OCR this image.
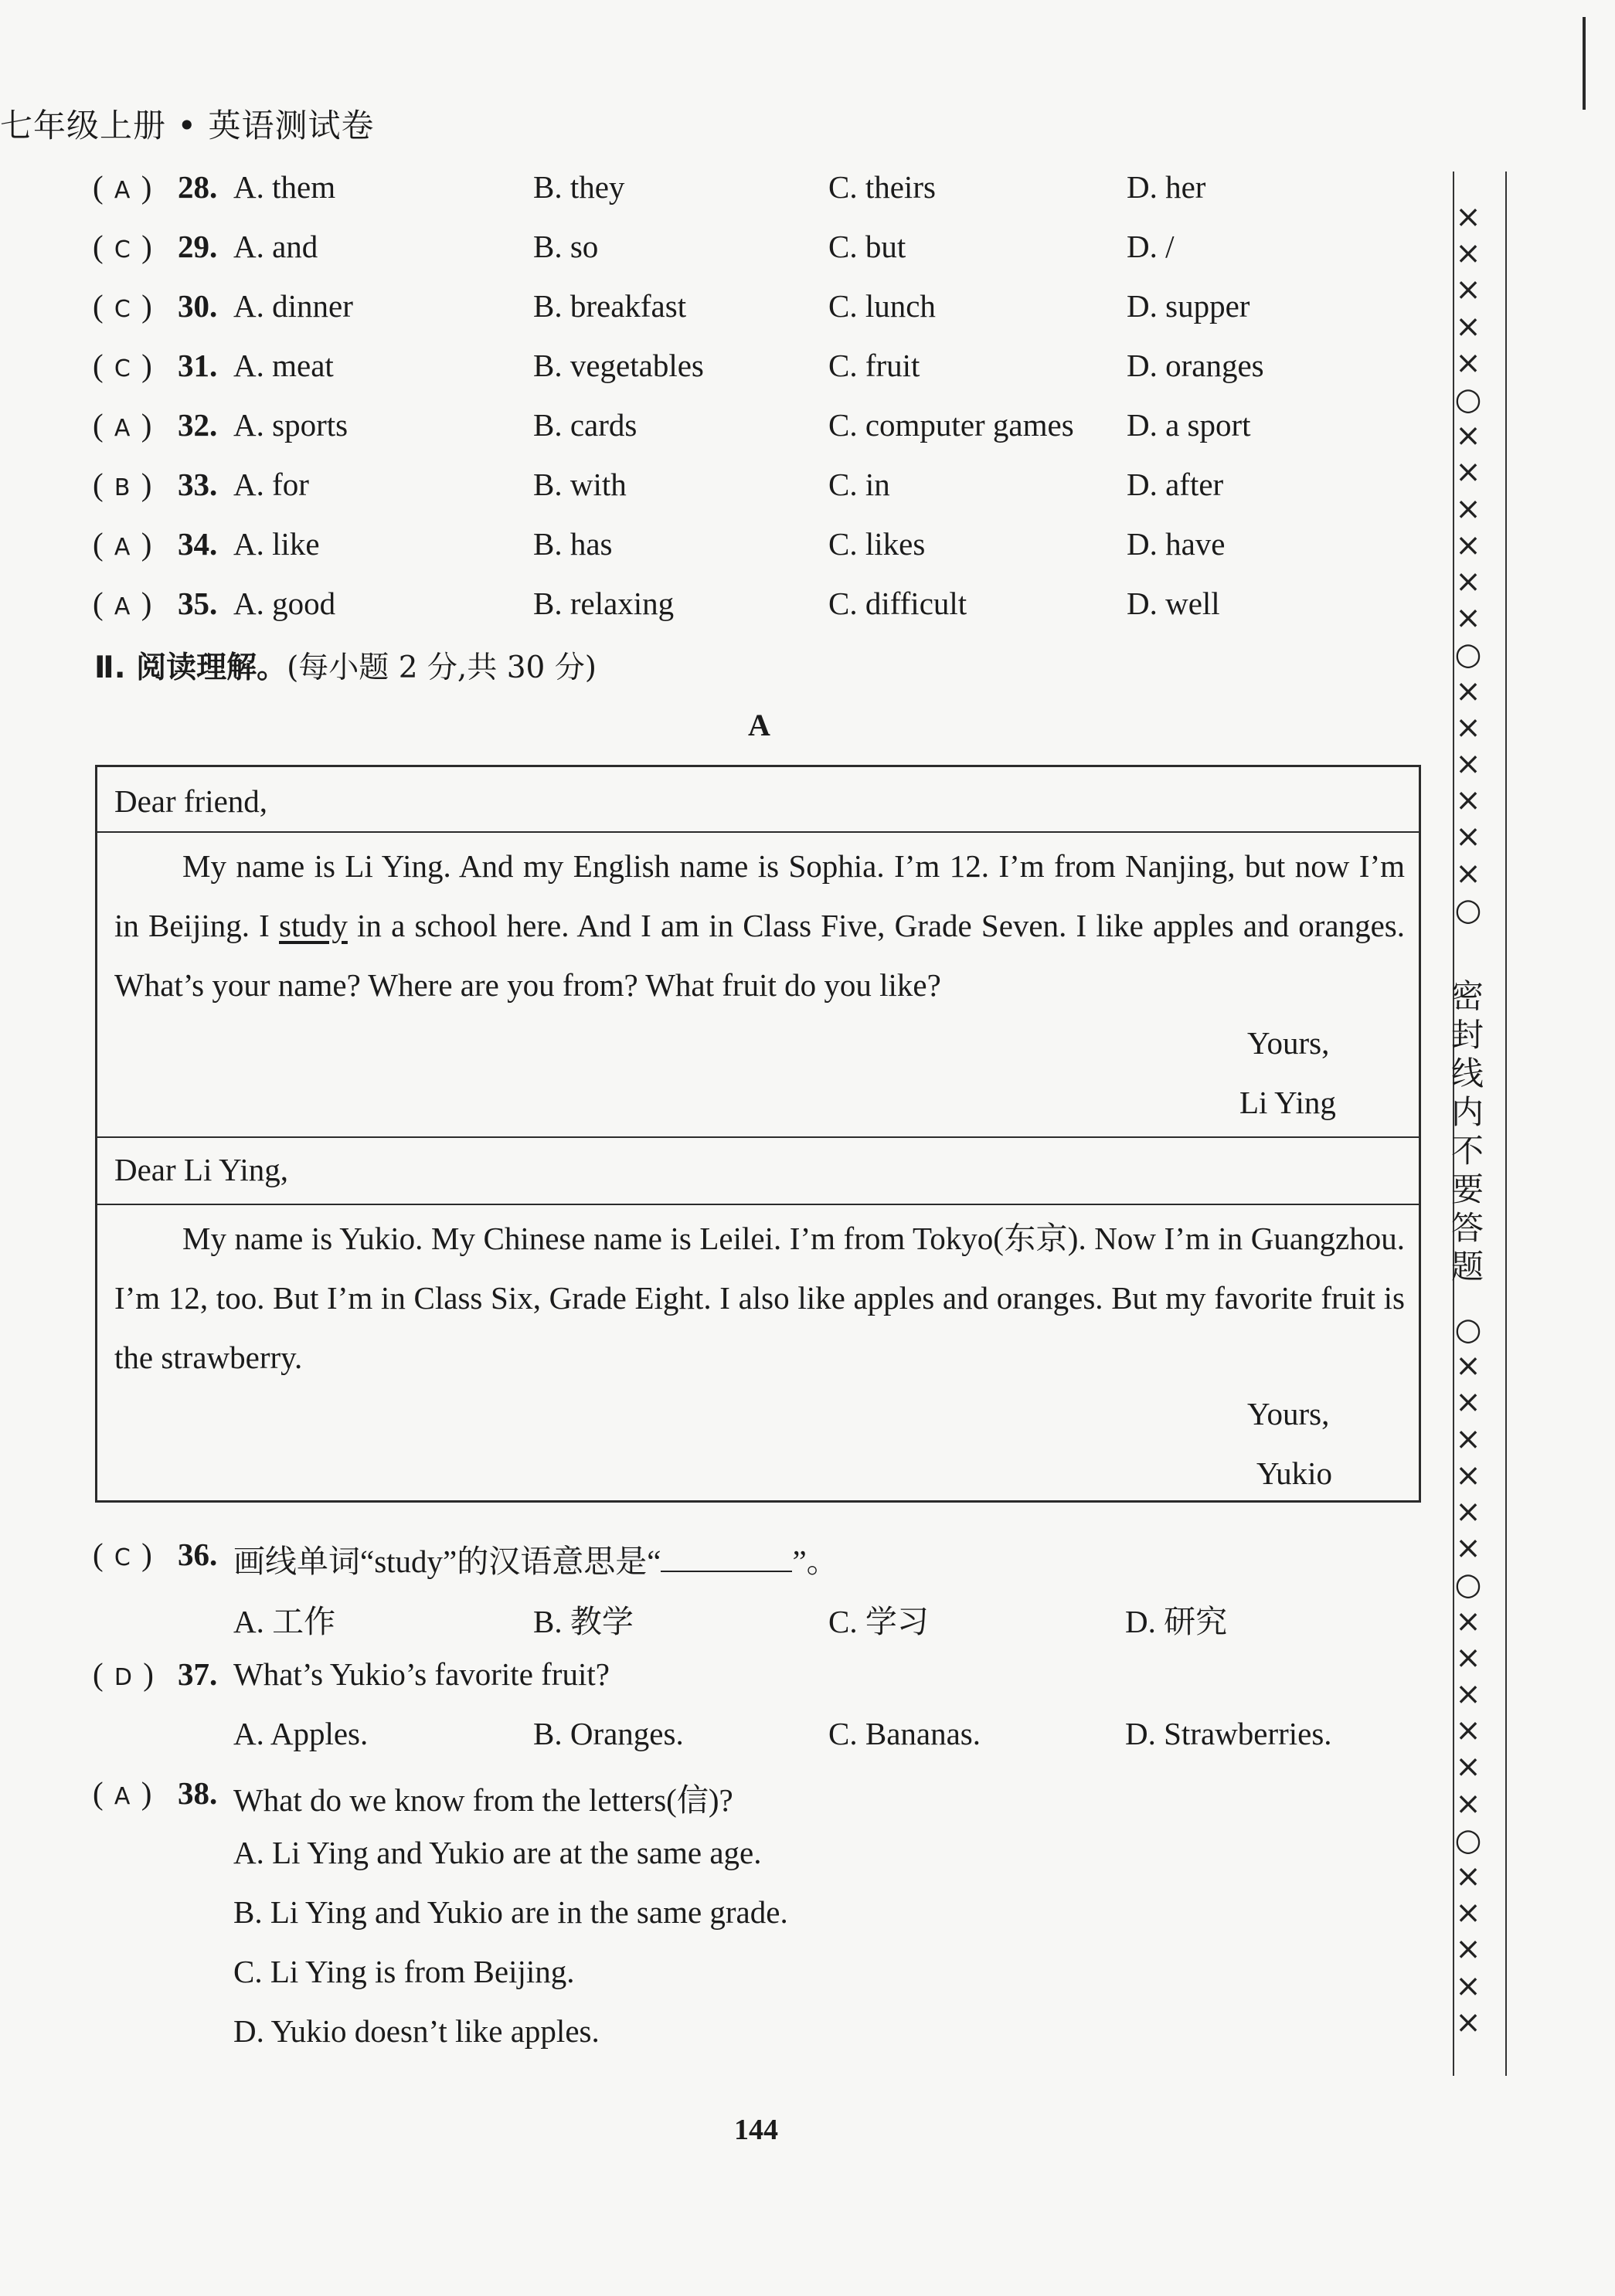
七年级上册 • 英语测试卷
( A ) 28. A. them	B. they	C. theirs	D. her
( C ) 29. A. and	B. so	C. but	D. /
( C ) 30. A. dinner	B. breakfast	C. lunch	D. supper
( C ) 31. A. meat	B. vegetables	C. fruit	D. oranges
( A ) 32. A. sports	B. cards	C. computer games D. a sport
( B ) 33. A. for	B. with	C. in	D. after
( A ) 34. A. like	B. has	C. likes	D. have
( A ) 35. A. good	B. relaxing	C. difficult	D. well
Ⅱ. 阅读理解。(每小题 2 分,共 30 分)
A
Dear friend,
My name is Li Ying. And my English name is Sophia. I’m 12. I’m from Nanjing, but now I’m in Beijing. I study in a school here. And I am in Class Five, Grade Seven. I like apples and oranges. What’s your name? Where are you from? What fruit do you like?
Yours,
Li Ying
Dear Li Ying,
My name is Yukio. My Chinese name is Leilei. I’m from Tokyo(东京). Now I’m in Guangzhou. I’m 12, too. But I’m in Class Six, Grade Eight. I also like apples and oranges. But my favorite fruit is the strawberry.
Yours,
Yukio
( C ) 36. 画线单词“study”的汉语意思是“	”。
A. 工作	B. 教学	C. 学习	D. 研究
( D ) 37. What’s Yukio’s favorite fruit?
A. Apples.	B. Oranges.	C. Bananas.	D. Strawberries.
( A ) 38. What do we know from the letters(信)?
A. Li Ying and Yukio are at the same age.
B. Li Ying and Yukio are in the same grade.
C. Li Ying is from Beijing.
D. Yukio doesn’t like apples.
144
密封线内不要答题
×
×
×
×
×
○
×
×
×
×
×
×
○
×
×
×
×
×
×
○
○
×
×
×
×
×
×
○
×
×
×
×
×
×
○
×
×
×
×
×
